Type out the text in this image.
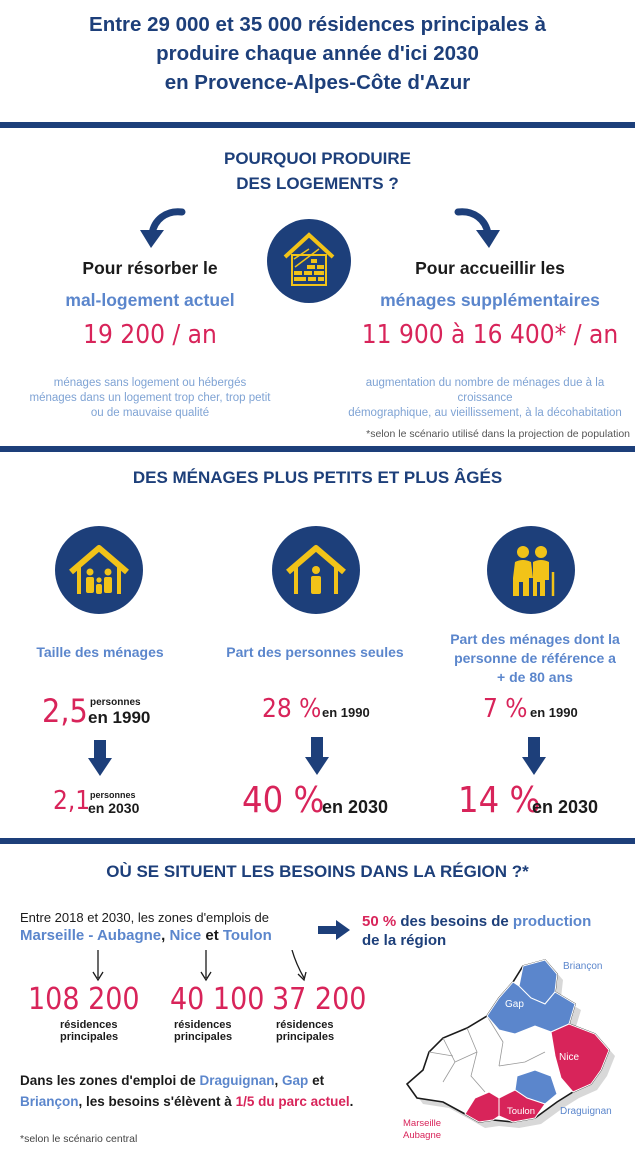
Entre 29 000 et 35 000 résidences principales à
produire chaque année d'ici 2030
en Provence-Alpes-Côte d'Azur
POURQUOI PRODUIRE
DES LOGEMENTS ?
Pour résorber le
mal-logement actuel
19 200 / an
ménages sans logement ou hébergés
ménages dans un logement trop cher, trop petit
ou de mauvaise qualité
Pour accueillir les
ménages supplémentaires
11 900 à 16 400* / an
augmentation du nombre de ménages due à la croissance
démographique, au vieillissement, à la décohabitation
*selon le scénario utilisé dans la projection de population
DES MÉNAGES PLUS PETITS ET PLUS ÂGÉS
Taille des ménages
2,5 personnes
en 1990
2,1 personnes
en 2030
Part des personnes seules
28 % en 1990
40 %
en 2030
Part des ménages dont la
personne de référence a
+ de 80 ans
7 % en 1990
14 %
en 2030
OÙ SE SITUENT LES BESOINS DANS LA RÉGION ?*
Entre 2018 et 2030, les zones d'emplois de
Marseille - Aubagne, Nice et Toulon
50 % des besoins de production
de la région
108 200
résidences
principales
40 100
résidences
principales
37 200
résidences
principales
Dans les zones d'emploi de Draguignan, Gap et
Briançon, les besoins s'élèvent à 1/5 du parc actuel.
*selon le scénario central
Briançon
Gap
Nice
Draguignan
Toulon
Marseille
Aubagne
